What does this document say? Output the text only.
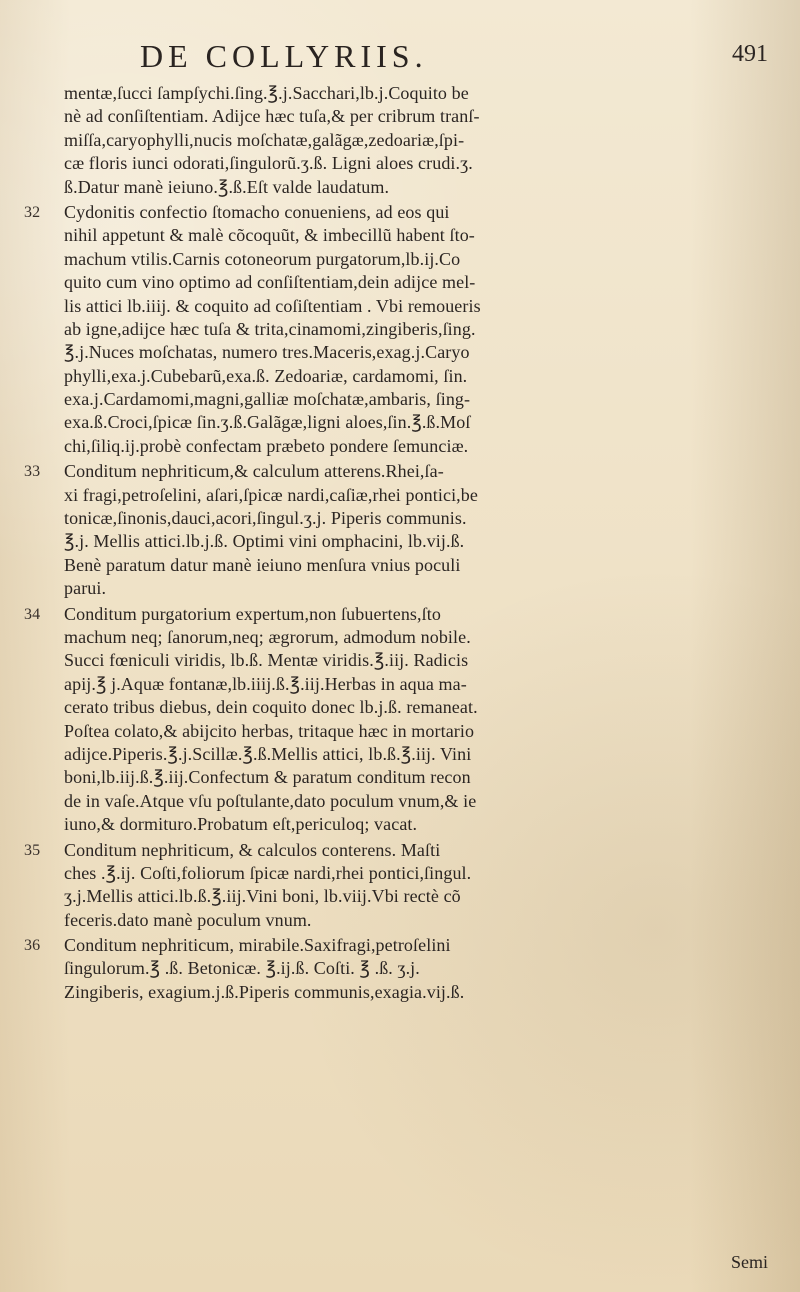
DE COLLYRIIS.	491
mentæ,ſucci ſampſychi.ſing.℥.j.Sacchari,lb.j.Coquito be
nè ad conſiſtentiam. Adijce hæc tuſa,& per cribrum tranſ-
miſſa,caryophylli,nucis moſchatæ,galãgæ,zedoariæ,ſpi-
cæ floris iunci odorati,ſingulorũ.ʒ.ß. Ligni aloes crudi.ʒ.
ß.Datur manè ieiuno.℥.ß.Eſt valde laudatum.
32 Cydonitis confectio ſtomacho conueniens, ad eos qui
nihil appetunt & malè cõcoquũt, & imbecillũ habent ſto-
machum vtilis.Carnis cotoneorum purgatorum,lb.ij.Co
quito cum vino optimo ad conſiſtentiam,dein adijce mel-
lis attici lb.iiij. & coquito ad coſiſtentiam . Vbi remoueris
ab igne,adijce hæc tuſa & trita,cinamomi,zingiberis,ſing.
℥.j.Nuces moſchatas, numero tres.Maceris,exag.j.Caryo
phylli,exa.j.Cubebarũ,exa.ß. Zedoariæ, cardamomi, ſin.
exa.j.Cardamomi,magni,galliæ moſchatæ,ambaris, ſing-
exa.ß.Croci,ſpicæ ſin.ʒ.ß.Galãgæ,ligni aloes,ſin.℥.ß.Moſ
chi,ſiliq.ij.probè confectam præbeto pondere ſemunciæ.
33 Conditum nephriticum,& calculum atterens.Rhei,ſa-
xi fragi,petroſelini, aſari,ſpicæ nardi,caſiæ,rhei pontici,be
tonicæ,ſinonis,dauci,acori,ſingul.ʒ.j. Piperis communis.
℥.j. Mellis attici.lb.j.ß. Optimi vini omphacini, lb.vij.ß.
Benè paratum datur manè ieiuno menſura vnius poculi
parui.
34 Conditum purgatorium expertum,non ſubuertens,ſto
machum neq; ſanorum,neq; ægrorum, admodum nobile.
Succi fœniculi viridis, lb.ß. Mentæ viridis.℥.iij. Radicis
apij.℥ j.Aquæ fontanæ,lb.iiij.ß.℥.iij.Herbas in aqua ma-
cerato tribus diebus, dein coquito donec lb.j.ß. remaneat.
Poſtea colato,& abijcito herbas, tritaque hæc in mortario
adijce.Piperis.℥.j.Scillæ.℥.ß.Mellis attici, lb.ß.℥.iij. Vini
boni,lb.iij.ß.℥.iij.Confectum & paratum conditum recon
de in vaſe.Atque vſu poſtulante,dato poculum vnum,& ie
iuno,& dormituro.Probatum eſt,periculoq; vacat.
35 Conditum nephriticum, & calculos conterens. Maſti
ches .℥.ij. Coſti,foliorum ſpicæ nardi,rhei pontici,ſingul.
ʒ.j.Mellis attici.lb.ß.℥.iij.Vini boni, lb.viij.Vbi rectè cõ
feceris.dato manè poculum vnum.
36 Conditum nephriticum, mirabile.Saxifragi,petroſelini
ſingulorum.℥ .ß. Betonicæ. ℥.ij.ß. Coſti. ℥ .ß. ʒ.j.
Zingiberis, exagium.j.ß.Piperis communis,exagia.vij.ß.
Semi
